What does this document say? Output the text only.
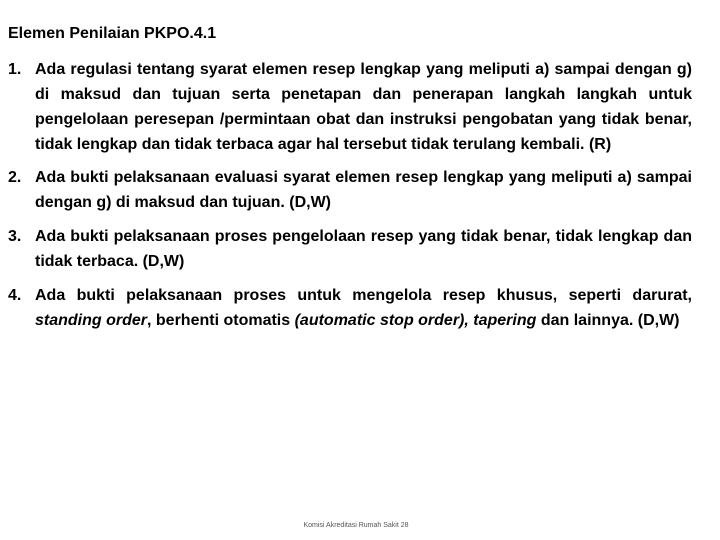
Elemen Penilaian PKPO.4.1
1. Ada regulasi tentang syarat elemen resep lengkap yang meliputi a) sampai dengan g) di maksud dan tujuan serta penetapan dan penerapan langkah langkah untuk pengelolaan peresepan /permintaan obat dan instruksi pengobatan yang tidak benar, tidak lengkap dan tidak terbaca agar hal tersebut tidak terulang kembali. (R)
2. Ada bukti pelaksanaan evaluasi syarat elemen resep lengkap yang meliputi a) sampai dengan g) di maksud dan tujuan. (D,W)
3. Ada bukti pelaksanaan proses pengelolaan resep yang tidak benar, tidak lengkap dan tidak terbaca. (D,W)
4. Ada bukti pelaksanaan proses untuk mengelola resep khusus, seperti darurat, standing order, berhenti otomatis (automatic stop order), tapering dan lainnya. (D,W)
Komisi Akreditasi Rumah Sakit 28
